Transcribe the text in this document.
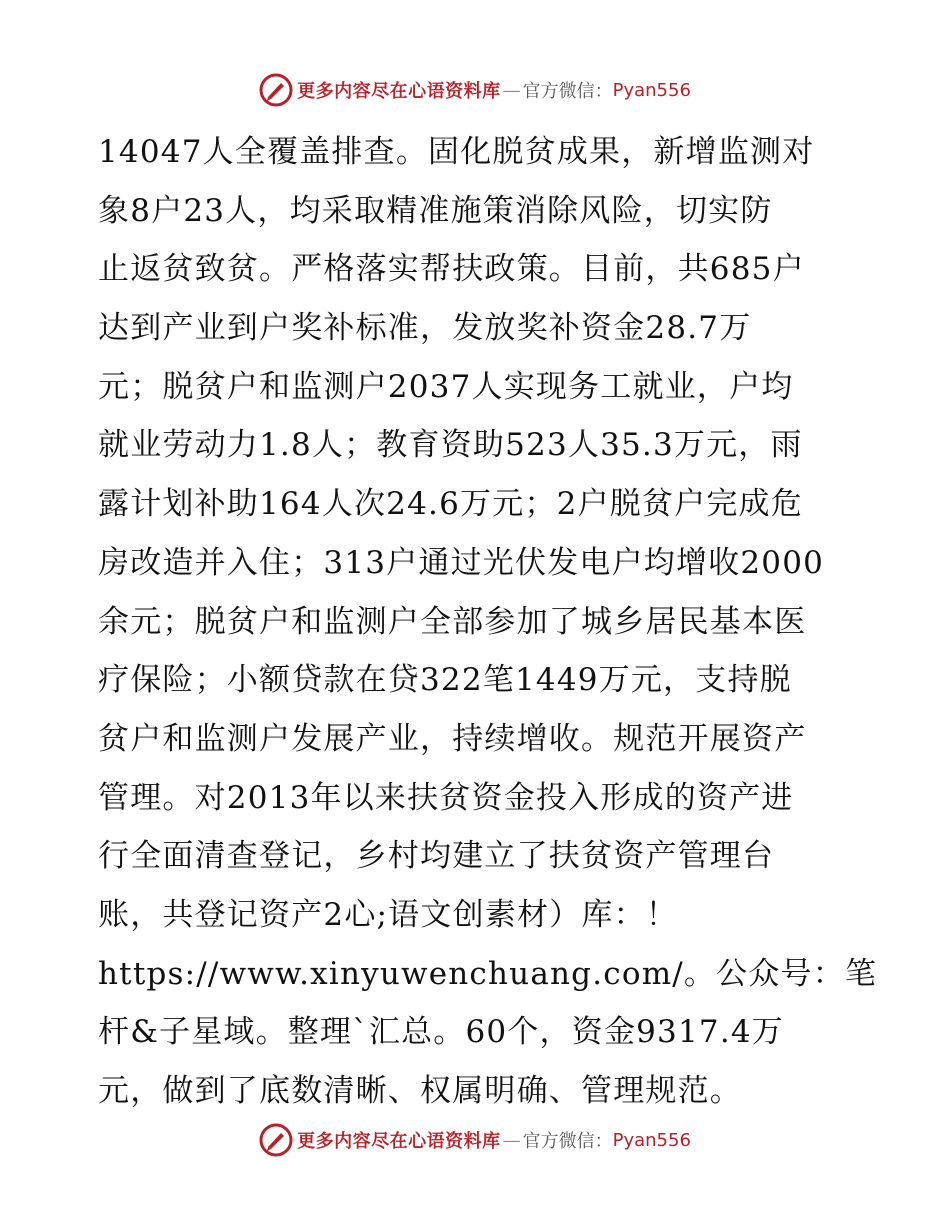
更多内容尽在心语资料库 — 官方微信： Pyan556
14047人全覆盖排查。固化脱贫成果，新增监测对
象8户23人，均采取精准施策消除风险，切实防
止返贫致贫。严格落实帮扶政策。目前，共685户
达到产业到户奖补标准，发放奖补资金28.7万
元；脱贫户和监测户2037人实现务工就业，户均
就业劳动力1.8人；教育资助523人35.3万元，雨
露计划补助164人次24.6万元；2户脱贫户完成危
房改造并入住；313户通过光伏发电户均增收2000
余元；脱贫户和监测户全部参加了城乡居民基本医
疗保险；小额贷款在贷322笔1449万元，支持脱
贫户和监测户发展产业，持续增收。规范开展资产
管理。对2013年以来扶贫资金投入形成的资产进
行全面清查登记，乡村均建立了扶贫资产管理台
账，共登记资产2心;语文创素材）库：！
https://www.xinyuwenchuang.com/。公众号：笔
杆&子星域。整理`汇总。60个，资金9317.4万
元，做到了底数清晰、权属明确、管理规范。
更多内容尽在心语资料库 — 官方微信： Pyan556
